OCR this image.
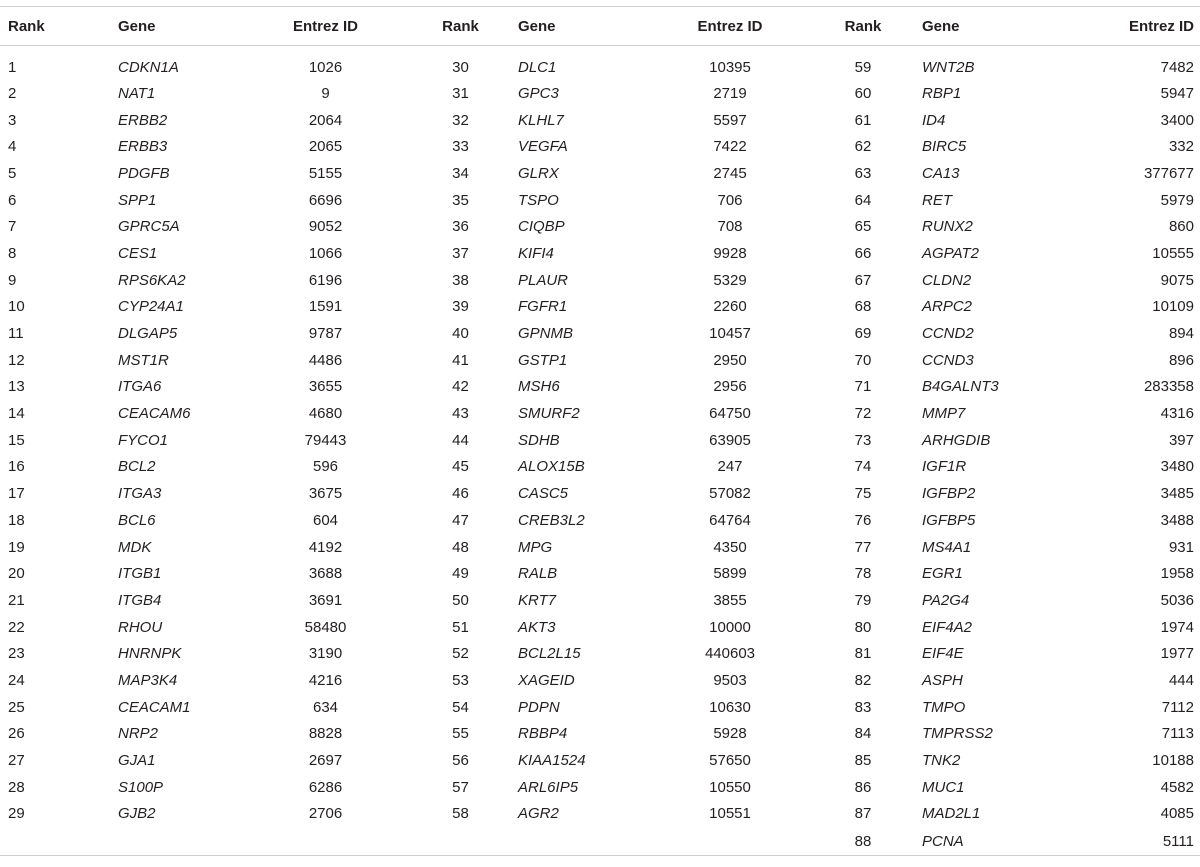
Rank	Gene	Entrez ID	Rank	Gene	Entrez ID	Rank	Gene	Entrez ID
1	CDKN1A	1026	30	DLC1	10395	59	WNT2B	7482
2	NAT1	9	31	GPC3	2719	60	RBP1	5947
3	ERBB2	2064	32	KLHL7	5597	61	ID4	3400
4	ERBB3	2065	33	VEGFA	7422	62	BIRC5	332
5	PDGFB	5155	34	GLRX	2745	63	CA13	377677
6	SPP1	6696	35	TSPO	706	64	RET	5979
7	GPRC5A	9052	36	CIQBP	708	65	RUNX2	860
8	CES1	1066	37	KIFI4	9928	66	AGPAT2	10555
9	RPS6KA2	6196	38	PLAUR	5329	67	CLDN2	9075
10	CYP24A1	1591	39	FGFR1	2260	68	ARPC2	10109
11	DLGAP5	9787	40	GPNMB	10457	69	CCND2	894
12	MST1R	4486	41	GSTP1	2950	70	CCND3	896
13	ITGA6	3655	42	MSH6	2956	71	B4GALNT3	283358
14	CEACAM6	4680	43	SMURF2	64750	72	MMP7	4316
15	FYCO1	79443	44	SDHB	63905	73	ARHGDIB	397
16	BCL2	596	45	ALOX15B	247	74	IGF1R	3480
17	ITGA3	3675	46	CASC5	57082	75	IGFBP2	3485
18	BCL6	604	47	CREB3L2	64764	76	IGFBP5	3488
19	MDK	4192	48	MPG	4350	77	MS4A1	931
20	ITGB1	3688	49	RALB	5899	78	EGR1	1958
21	ITGB4	3691	50	KRT7	3855	79	PA2G4	5036
22	RHOU	58480	51	AKT3	10000	80	EIF4A2	1974
23	HNRNPK	3190	52	BCL2L15	440603	81	EIF4E	1977
24	MAP3K4	4216	53	XAGEID	9503	82	ASPH	444
25	CEACAM1	634	54	PDPN	10630	83	TMPO	7112
26	NRP2	8828	55	RBBP4	5928	84	TMPRSS2	7113
27	GJA1	2697	56	KIAA1524	57650	85	TNK2	10188
28	S100P	6286	57	ARL6IP5	10550	86	MUC1	4582
29	GJB2	2706	58	AGR2	10551	87	MAD2L1	4085
						88	PCNA	5111
